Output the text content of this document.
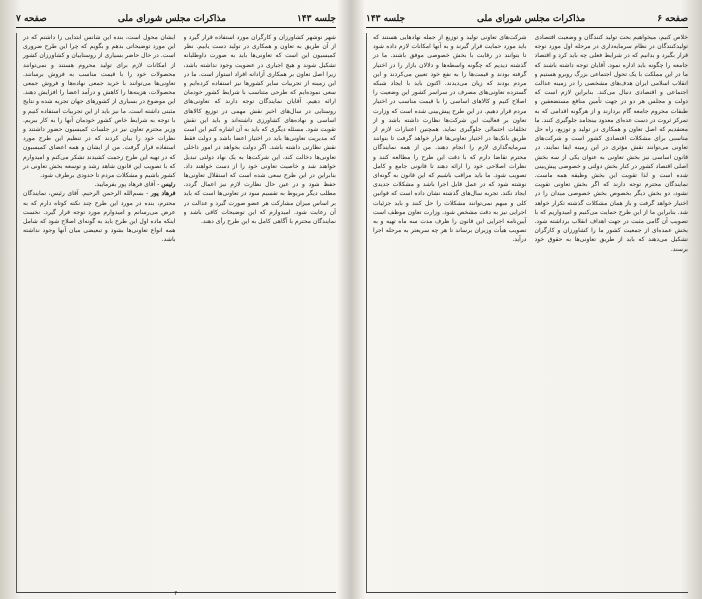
جلسه ۱۴۳
مذاکرات مجلس شورای ملی
صفحه ۷

شهر نوشهر کشاورزان و کارگران مورد استفاده قرار گیرد و از آن طریق به تعاون و همکاری در تولید دست یابیم. نظر کمیسیون این است که تعاونی‌ها باید به صورت داوطلبانه تشکیل شوند و هیچ اجباری در عضویت وجود نداشته باشد، زیرا اصل تعاون بر همکاری آزادانه افراد استوار است. ما در این زمینه از تجربیات سایر کشورها نیز استفاده کرده‌ایم و سعی نموده‌ایم که طرحی متناسب با شرایط کشور خودمان ارائه دهیم. آقایان نمایندگان توجه دارند که تعاونی‌های روستایی در سال‌های اخیر نقش مهمی در توزیع کالاهای اساسی و نهاده‌های کشاورزی داشته‌اند و باید این نقش تقویت شود. مسئله دیگری که باید به آن اشاره کنم این است که مدیریت تعاونی‌ها باید در اختیار اعضا باشد و دولت فقط نقش نظارتی داشته باشد. اگر دولت بخواهد در امور داخلی تعاونی‌ها دخالت کند، این شرکت‌ها به یک نهاد دولتی تبدیل خواهند شد و خاصیت تعاونی خود را از دست خواهند داد. بنابراین در این طرح سعی شده است که استقلال تعاونی‌ها حفظ شود و در عین حال نظارت لازم نیز اعمال گردد. مطلب دیگر مربوط به تقسیم سود در تعاونی‌ها است که باید بر اساس میزان مشارکت هر عضو صورت گیرد و عدالت در آن رعایت شود. امیدوارم که این توضیحات کافی باشد و نمایندگان محترم با آگاهی کامل به این طرح رأی دهند.

ایشان محول است، بنده این شانس ابتدایی را داشتم که در این مورد توضیحاتی بدهم و بگویم که چرا این طرح ضروری است. در حال حاضر بسیاری از روستاییان و کشاورزان کشور از امکانات لازم برای تولید محروم هستند و نمی‌توانند محصولات خود را با قیمت مناسب به فروش برسانند. تعاونی‌ها می‌توانند با خرید جمعی نهاده‌ها و فروش جمعی محصولات، هزینه‌ها را کاهش و درآمد اعضا را افزایش دهند. این موضوع در بسیاری از کشورهای جهان تجربه شده و نتایج مثبتی داشته است. ما نیز باید از این تجربیات استفاده کنیم و با توجه به شرایط خاص کشور خودمان آنها را به کار ببریم. وزیر محترم تعاون نیز در جلسات کمیسیون حضور داشتند و نظرات خود را بیان کردند که در تنظیم این طرح مورد استفاده قرار گرفت. من از ایشان و همه اعضای کمیسیون که در تهیه این طرح زحمت کشیدند تشکر می‌کنم و امیدوارم که با تصویب این قانون شاهد رشد و توسعه بخش تعاونی در کشور باشیم و مشکلات مردم تا حدودی برطرف شود.

رئیس - آقای فرهاد پور بفرمایید.

فرهاد پور - بسم‌الله الرحمن الرحیم. آقای رئیس، نمایندگان محترم، بنده در مورد این طرح چند نکته کوتاه دارم که به عرض می‌رسانم و امیدوارم مورد توجه قرار گیرد. نخست اینکه ماده اول این طرح باید به گونه‌ای اصلاح شود که شامل همه انواع تعاونی‌ها بشود و تبعیضی میان آنها وجود نداشته باشد.

۴
صفحه ۶
مذاکرات مجلس شورای ملی
جلسه ۱۴۳

خلاص کنیم، میخواهیم بحث تولید کنندگان و وضعیت اقتصادی تولیدکنندگان در نظام سرمایه‌داری در مرحله اول مورد توجه قرار بگیرد و بدانیم که در شرایط فعلی چه باید کرد و اقتصاد جامعه را چگونه باید اداره نمود. آقایان توجه داشته باشند که ما در این مملکت با یک تحول اجتماعی بزرگ روبرو هستیم و انقلاب اسلامی ایران هدف‌های مشخصی را در زمینه عدالت اجتماعی و اقتصادی دنبال می‌کند. بنابراین لازم است که دولت و مجلس هر دو در جهت تأمین منافع مستضعفین و طبقات محروم جامعه گام بردارند و از هرگونه اقدامی که به تمرکز ثروت در دست عده‌ای معدود بینجامد جلوگیری کنند. ما معتقدیم که اصل تعاون و همکاری در تولید و توزیع، راه حل مناسبی برای مشکلات اقتصادی کشور است و شرکت‌های تعاونی می‌توانند نقش مؤثری در این زمینه ایفا نمایند. در قانون اساسی نیز بخش تعاونی به عنوان یکی از سه بخش اصلی اقتصاد کشور در کنار بخش دولتی و خصوصی پیش‌بینی شده است و لذا تقویت این بخش وظیفه همه ماست. نمایندگان محترم توجه دارند که اگر بخش تعاونی تقویت نشود، دو بخش دیگر بخصوص بخش خصوصی میدان را در اختیار خواهد گرفت و باز همان مشکلات گذشته تکرار خواهد شد. بنابراین ما از این طرح حمایت می‌کنیم و امیدواریم که با تصویب آن گامی مثبت در جهت اهداف انقلاب برداشته شود. بخش عمده‌ای از جمعیت کشور ما را کشاورزان و کارگران تشکیل می‌دهند که باید از طریق تعاونی‌ها به حقوق خود برسند.

شرکت‌های تعاونی تولید و توزیع از جمله نهادهایی هستند که باید مورد حمایت قرار گیرند و به آنها امکانات لازم داده شود تا بتوانند در رقابت با بخش خصوصی موفق باشند. ما در گذشته دیدیم که چگونه واسطه‌ها و دلالان بازار را در اختیار گرفته بودند و قیمت‌ها را به نفع خود تعیین می‌کردند و این مردم بودند که زیان می‌دیدند. اکنون باید با ایجاد شبکه گسترده تعاونی‌های مصرف در سراسر کشور این وضعیت را اصلاح کنیم و کالاهای اساسی را با قیمت مناسب در اختیار مردم قرار دهیم. در این طرح پیش‌بینی شده است که وزارت تعاون بر فعالیت این شرکت‌ها نظارت داشته باشد و از تخلفات احتمالی جلوگیری نماید. همچنین اعتبارات لازم از طریق بانک‌ها در اختیار تعاونی‌ها قرار خواهد گرفت تا بتوانند سرمایه‌گذاری لازم را انجام دهند. من از همه نمایندگان محترم تقاضا دارم که با دقت این طرح را مطالعه کنند و نظرات اصلاحی خود را ارائه دهند تا قانونی جامع و کامل تصویب شود. ما باید مراقب باشیم که این قانون به گونه‌ای نوشته شود که در عمل قابل اجرا باشد و مشکلات جدیدی ایجاد نکند. تجربه سال‌های گذشته نشان داده است که قوانین کلی و مبهم نمی‌توانند مشکلات را حل کنند و باید جزئیات اجرایی نیز به دقت مشخص شود. وزارت تعاون موظف است آیین‌نامه اجرایی این قانون را ظرف مدت سه ماه تهیه و به تصویب هیأت وزیران برساند تا هر چه سریعتر به مرحله اجرا درآید.
